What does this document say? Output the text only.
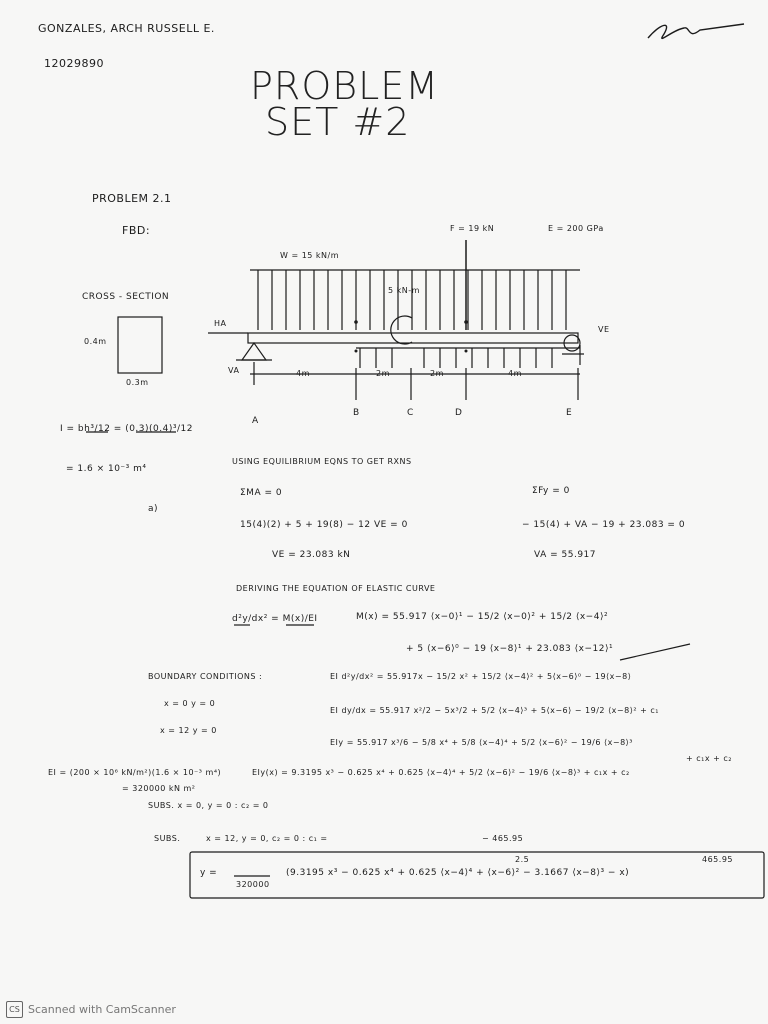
GONZALES, ARCH RUSSELL E.
12029890
PROBLEM
SET #2
PROBLEM 2.1
FBD:
W = 15 kN/m
F = 19 kN	E = 200 GPa
5 kN-m
HA
VA
VE
4m	2m	2m	4m
A
B	C	D	E
CROSS - SECTION
0.4m
0.3m
I = bh³/12 = (0.3)(0.4)³/12
= 1.6 × 10⁻³ m⁴
USING EQUILIBRIUM EQNS TO GET RXNS
a)
ΣMA = 0	ΣFy = 0
15(4)(2) + 5 + 19(8) − 12 VE = 0	− 15(4) + VA − 19 + 23.083 = 0
VE = 23.083 kN	VA = 55.917
DERIVING THE EQUATION OF ELASTIC CURVE
d²y/dx² = M(x)/EI	M(x) = 55.917 ⟨x−0⟩¹ − 15/2 ⟨x−0⟩² + 15/2 ⟨x−4⟩²
+ 5 ⟨x−6⟩⁰ − 19 ⟨x−8⟩¹ + 23.083 ⟨x−12⟩¹
BOUNDARY CONDITIONS :
x = 0 y = 0
x = 12 y = 0
EI d²y/dx² = 55.917x − 15/2 x² + 15/2 ⟨x−4⟩² + 5⟨x−6⟩⁰ − 19⟨x−8⟩
EI dy/dx = 55.917 x²/2 − 5x³/2 + 5/2 ⟨x−4⟩³ + 5⟨x−6⟩ − 19/2 ⟨x−8⟩² + c₁
EIy = 55.917 x³/6 − 5/8 x⁴ + 5/8 ⟨x−4⟩⁴ + 5/2 ⟨x−6⟩² − 19/6 ⟨x−8⟩³
+ c₁x + c₂
EI = (200 × 10⁶ kN/m²)(1.6 × 10⁻³ m⁴)
= 320000 kN m²
EIy(x) = 9.3195 x³ − 0.625 x⁴ + 0.625 ⟨x−4⟩⁴ + 5/2 ⟨x−6⟩² − 19/6 ⟨x−8⟩³ + c₁x + c₂
SUBS. x = 0, y = 0 : c₂ = 0
SUBS.	x = 12, y = 0, c₂ = 0 : c₁ =	− 465.95
y =
320000
(9.3195 x³ − 0.625 x⁴ + 0.625 ⟨x−4⟩⁴ + ⟨x−6⟩² − 3.1667 ⟨x−8⟩³ − x)
2.5	465.95
CS Scanned with CamScanner
